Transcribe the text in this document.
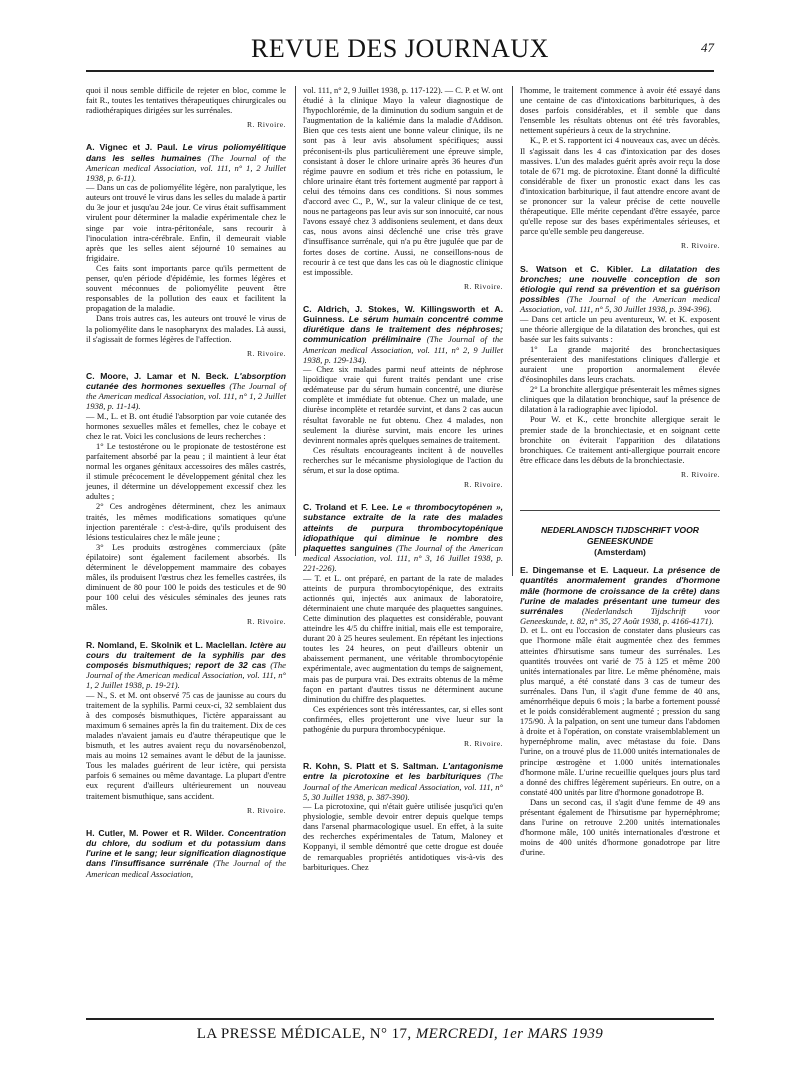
REVUE DES JOURNAUX	47

quoi il nous semble difficile de rejeter en bloc, comme le fait R., toutes les tentatives thérapeutiques chirurgicales ou radiothérapiques dirigées sur les surrénales.

R. Rivoire.
A. Vignec et J. Paul. Le virus poliomyélitique dans les selles humaines (The Journal of the American medical Association, vol. 111, n° 1, 2 Juillet 1938, p. 6-11).

— Dans un cas de poliomyélite légère, non paralytique, les auteurs ont trouvé le virus dans les selles du malade à partir du 3e jour et jusqu'au 24e jour. Ce virus était suffisamment virulent pour déterminer la maladie expérimentale chez le singe par voie intra-péritonéale, sans recourir à l'inoculation intra-cérébrale. Enfin, il demeurait viable après que les selles aient séjourné 10 semaines au frigidaire.

Ces faits sont importants parce qu'ils permettent de penser, qu'en période d'épidémie, les formes légères et souvent méconnues de poliomyélite peuvent être responsables de la pollution des eaux et facilitent la propagation de la maladie.

Dans trois autres cas, les auteurs ont trouvé le virus de la poliomyélite dans le nasopharynx des malades. Là aussi, il s'agissait de formes légères de l'affection.

R. Rivoire.
C. Moore, J. Lamar et N. Beck. L'absorption cutanée des hormones sexuelles (The Journal of the American medical Association, vol. 111, n° 1, 2 Juillet 1938, p. 11-14).

— M., L. et B. ont étudié l'absorption par voie cutanée des hormones sexuelles mâles et femelles, chez le cobaye et chez le rat. Voici les conclusions de leurs recherches :

1° Le testostérone ou le propionate de testostérone est parfaitement absorbé par la peau ; il maintient à leur état normal les organes génitaux accessoires des mâles castrés, il stimule précocement le développement génital chez les jeunes, il détermine un développement excessif chez les adultes ;

2° Ces androgènes déterminent, chez les animaux traités, les mêmes modifications somatiques qu'une injection parentérale : c'est-à-dire, qu'ils produisent des lésions testiculaires chez le mâle jeune ;

3° Les produits œstrogènes commerciaux (pâte épilatoire) sont également facilement absorbés. Ils déterminent le développement mammaire des cobayes mâles, ils produisent l'œstrus chez les femelles castrées, ils diminuent de 80 pour 100 le poids des testicules et de 90 pour 100 celui des vésicules séminales des jeunes rats mâles.

R. Rivoire.
R. Nomland, E. Skolnik et L. Maclellan. Ictère au cours du traitement de la syphilis par des composés bismuthiques; report de 32 cas (The Journal of the American medical Association, vol. 111, n° 1, 2 Juillet 1938, p. 19-21).

— N., S. et M. ont observé 75 cas de jaunisse au cours du traitement de la syphilis. Parmi ceux-ci, 32 semblaient dus à des composés bismuthiques, l'ictère apparaissant au maximum 6 semaines après la fin du traitement. Dix de ces malades n'avaient jamais eu d'autre thérapeutique que le bismuth, et les autres avaient reçu du novarsénobenzol, mais au moins 12 semaines avant le début de la jaunisse. Tous les malades guérirent de leur ictère, qui persista parfois 6 semaines ou même davantage. La plupart d'entre eux reçurent d'ailleurs ultérieurement un nouveau traitement bismuthique, sans accident.

R. Rivoire.
H. Cutler, M. Power et R. Wilder. Concentration du chlore, du sodium et du potassium dans l'urine et le sang; leur signification diagnostique dans l'insuffisance surrénale (The Journal of the American medical Association,

vol. 111, n° 2, 9 Juillet 1938, p. 117-122). — C. P. et W. ont étudié à la clinique Mayo la valeur diagnostique de l'hypochlorémie, de la diminution du sodium sanguin et de l'augmentation de la kaliémie dans la maladie d'Addison. Bien que ces tests aient une bonne valeur clinique, ils ne sont pas à leur avis absolument spécifiques; aussi préconisent-ils plus particulièrement une épreuve simple, consistant à doser le chlore urinaire après 36 heures d'un régime pauvre en sodium et très riche en potassium, le chlore urinaire étant très fortement augmenté par rapport à celui des témoins dans ces conditions. Si nous sommes d'accord avec C., P., W., sur la valeur clinique de ce test, nous ne partageons pas leur avis sur son innocuité, car nous l'avons essayé chez 3 addisoniens seulement, et dans deux cas, nous avons ainsi déclenché une crise très grave d'insuffisance surrénale, qui n'a pu être jugulée que par de fortes doses de cortine. Aussi, ne conseillons-nous de recourir à ce test que dans les cas où le diagnostic clinique est impossible.

R. Rivoire.
C. Aldrich, J. Stokes, W. Killingsworth et A. Guinness. Le sérum humain concentré comme diurétique dans le traitement des néphroses; communication préliminaire (The Journal of the American medical Association, vol. 111, n° 2, 9 Juillet 1938, p. 129-134).

— Chez six malades parmi neuf atteints de néphrose lipoïdique vraie qui furent traités pendant une crise œdémateuse par du sérum humain concentré, une diurèse complète et immédiate fut obtenue. Chez un malade, une diurèse incomplète et retardée survint, et dans 2 cas aucun résultat favorable ne fut obtenu. Chez 4 malades, non seulement la diurèse survint, mais encore les urines devinrent normales après quelques semaines de traitement.

Ces résultats encourageants incitent à de nouvelles recherches sur le mécanisme physiologique de l'action du sérum, et sur la dose optima.

R. Rivoire.
C. Troland et F. Lee. Le « thrombocytopénen », substance extraite de la rate des malades atteints de purpura thrombocytopénique idiopathique qui diminue le nombre des plaquettes sanguines (The Journal of the American medical Association, vol. 111, n° 3, 16 Juillet 1938, p. 221-226).

— T. et L. ont préparé, en partant de la rate de malades atteints de purpura thrombocytopénique, des extraits actionnés qui, injectés aux animaux de laboratoire, déterminaient une chute marquée des plaquettes sanguines. Cette diminution des plaquettes est considérable, pouvant atteindre les 4/5 du chiffre initial, mais elle est temporaire, durant 20 à 25 heures seulement. En répétant les injections toutes les 24 heures, on peut d'ailleurs obtenir un abaissement permanent, une véritable thrombocytopénie expérimentale, avec augmentation du temps de saignement, mais pas de purpura vrai. Des extraits obtenus de la même façon en partant d'autres tissus ne déterminent aucune diminution du chiffre des plaquettes.

Ces expériences sont très intéressantes, car, si elles sont confirmées, elles projetteront une vive lueur sur la pathogénie du purpura thrombocypénique.

R. Rivoire.
R. Kohn, S. Platt et S. Saltman. L'antagonisme entre la picrotoxine et les barbituriques (The Journal of the American medical Association, vol. 111, n° 5, 30 Juillet 1938, p. 387-390).

— La picrotoxine, qui n'était guère utilisée jusqu'ici qu'en physiologie, semble devoir entrer depuis quelque temps dans l'arsenal pharmacologique usuel. En effet, à la suite des recherches expérimentales de Tatum, Maloney et Koppanyi, il semble démontré que cette drogue est douée de remarquables propriétés antidotiques vis-à-vis des barbituriques. Chez

l'homme, le traitement commence à avoir été essayé dans une centaine de cas d'intoxications barbituriques, à des doses parfois considérables, et il semble que dans l'ensemble les résultats obtenus ont été très favorables, nettement supérieurs à ceux de la strychnine.

K., P. et S. rapportent ici 4 nouveaux cas, avec un décès. Il s'agissait dans les 4 cas d'intoxication par des doses massives. L'un des malades guérit après avoir reçu la dose totale de 671 mg. de picrotoxine. Étant donné la difficulté considérable de fixer un pronostic exact dans les cas d'intoxication barbiturique, il faut attendre encore avant de se prononcer sur la valeur précise de cette nouvelle thérapeutique. Elle mérite cependant d'être essayée, parce qu'elle repose sur des bases expérimentales sérieuses, et parce qu'elle semble peu dangereuse.

R. Rivoire.
S. Watson et C. Kibler. La dilatation des bronches; une nouvelle conception de son étiologie qui rend sa prévention et sa guérison possibles (The Journal of the American medical Association, vol. 111, n° 5, 30 Juillet 1938, p. 394-396).

— Dans cet article un peu aventureux, W. et K. exposent une théorie allergique de la dilatation des bronches, qui est basée sur les faits suivants :

1° La grande majorité des bronchectasiques présenteraient des manifestations cliniques d'allergie et auraient une proportion anormalement élevée d'éosinophiles dans leurs crachats.

2° La bronchite allergique présenterait les mêmes signes cliniques que la dilatation bronchique, sauf la présence de dilatation à la radiographie avec lipiodol.

Pour W. et K., cette bronchite allergique serait le premier stade de la bronchiectasie, et en soignant cette bronchite on éviterait l'apparition des dilatations bronchiques. Ce traitement anti-allergique pourrait encore être efficace dans les débuts de la bronchiectasie.

R. Rivoire.
NEDERLANDSCH TIJDSCHRIFT VOOR GENEESKUNDE
(Amsterdam)
E. Dingemanse et E. Laqueur. La présence de quantités anormalement grandes d'hormone mâle (hormone de croissance de la crête) dans l'urine de malades présentant une tumeur des surrénales (Nederlandsch Tijdschrift voor Geneeskunde, t. 82, n° 35, 27 Août 1938, p. 4166-4171).

D. et L. ont eu l'occasion de constater dans plusieurs cas que l'hormone mâle était augmentée chez des femmes atteintes d'hirsutisme sans tumeur des surrénales. Les quantités trouvées ont varié de 75 à 125 et même 200 unités internationales par litre. Le même phénomène, mais plus marqué, a été constaté dans 3 cas de tumeur des surrénales. Dans l'un, il s'agit d'une femme de 40 ans, aménorrhéique depuis 6 mois ; la barbe a fortement poussé et le poids considérablement augmenté ; pression du sang 175/90. À la palpation, on sent une tumeur dans l'abdomen à droite et à l'opération, on constate vraisemblablement un hypernéphrome malin, avec métastase du foie. Dans l'urine, on a trouvé plus de 11.000 unités internationales de principe œstrogène et 1.000 unités internationales d'hormone mâle. L'urine recueillie quelques jours plus tard a donné des chiffres légèrement supérieurs. En outre, on a constaté 400 unités par litre d'hormone gonadotrope B.

Dans un second cas, il s'agit d'une femme de 49 ans présentant également de l'hirsutisme par hypernéphrome; dans l'urine on retrouve 2.200 unités internationales d'hormone mâle, 100 unités internationales d'œstrone et moins de 400 unités d'hormone gonadotrope par litre d'urine.

LA PRESSE MÉDICALE, N° 17, MERCREDI, 1er MARS 1939
